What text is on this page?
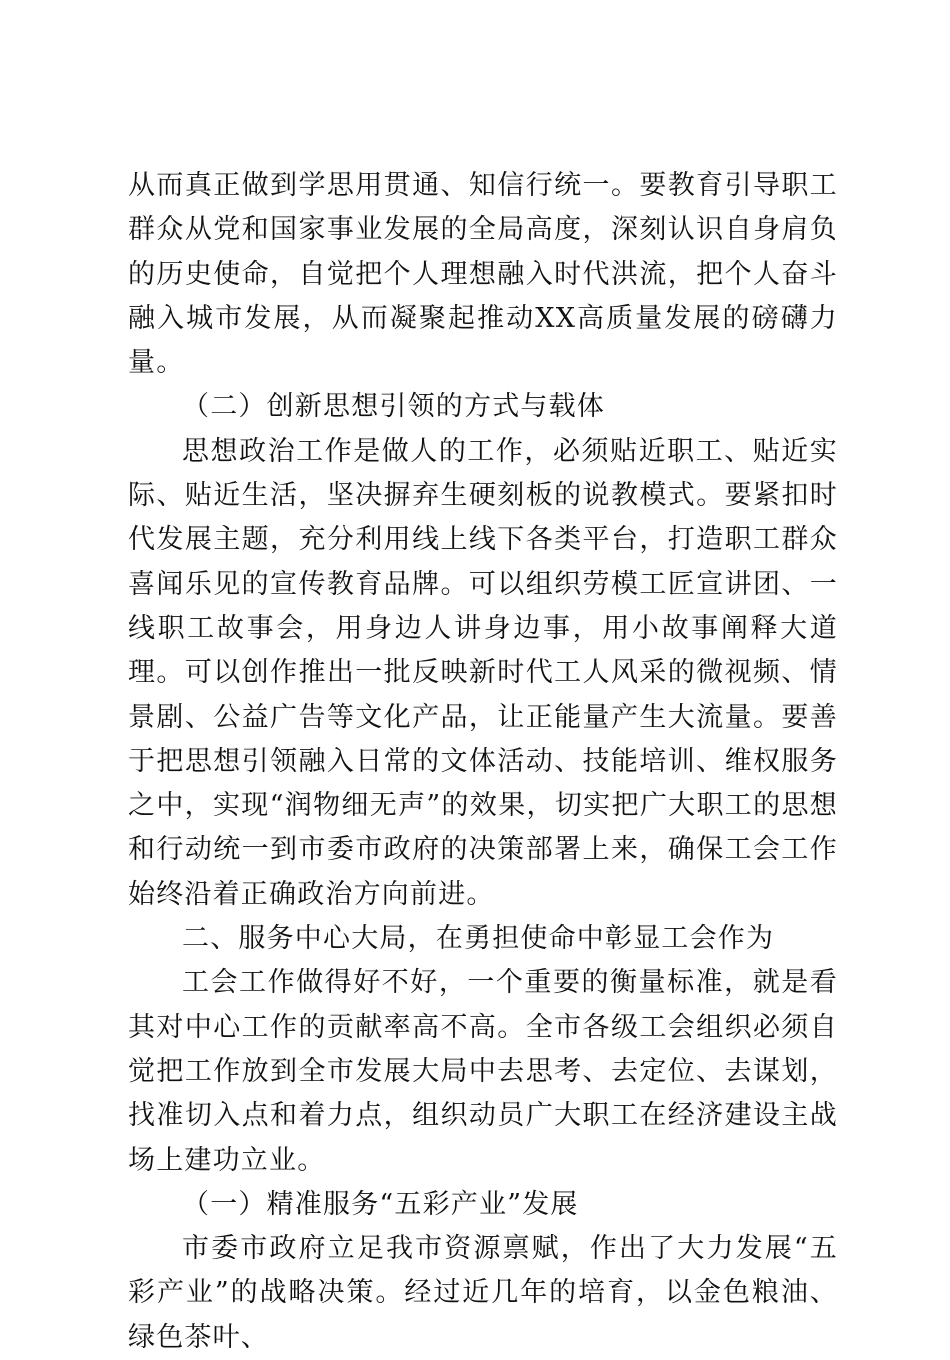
从而真正做到学思用贯通、知信行统一。要教育引导职工群众从党和国家事业发展的全局高度，深刻认识自身肩负的历史使命，自觉把个人理想融入时代洪流，把个人奋斗融入城市发展，从而凝聚起推动XX高质量发展的磅礴力量。

（二）创新思想引领的方式与载体

思想政治工作是做人的工作，必须贴近职工、贴近实际、贴近生活，坚决摒弃生硬刻板的说教模式。要紧扣时代发展主题，充分利用线上线下各类平台，打造职工群众喜闻乐见的宣传教育品牌。可以组织劳模工匠宣讲团、一线职工故事会，用身边人讲身边事，用小故事阐释大道理。可以创作推出一批反映新时代工人风采的微视频、情景剧、公益广告等文化产品，让正能量产生大流量。要善于把思想引领融入日常的文体活动、技能培训、维权服务之中，实现“润物细无声”的效果，切实把广大职工的思想和行动统一到市委市政府的决策部署上来，确保工会工作始终沿着正确政治方向前进。

二、服务中心大局，在勇担使命中彰显工会作为

工会工作做得好不好，一个重要的衡量标准，就是看其对中心工作的贡献率高不高。全市各级工会组织必须自觉把工作放到全市发展大局中去思考、去定位、去谋划，找准切入点和着力点，组织动员广大职工在经济建设主战场上建功立业。

（一）精准服务“五彩产业”发展

市委市政府立足我市资源禀赋，作出了大力发展“五彩产业”的战略决策。经过近几年的培育，以金色粮油、绿色茶叶、
